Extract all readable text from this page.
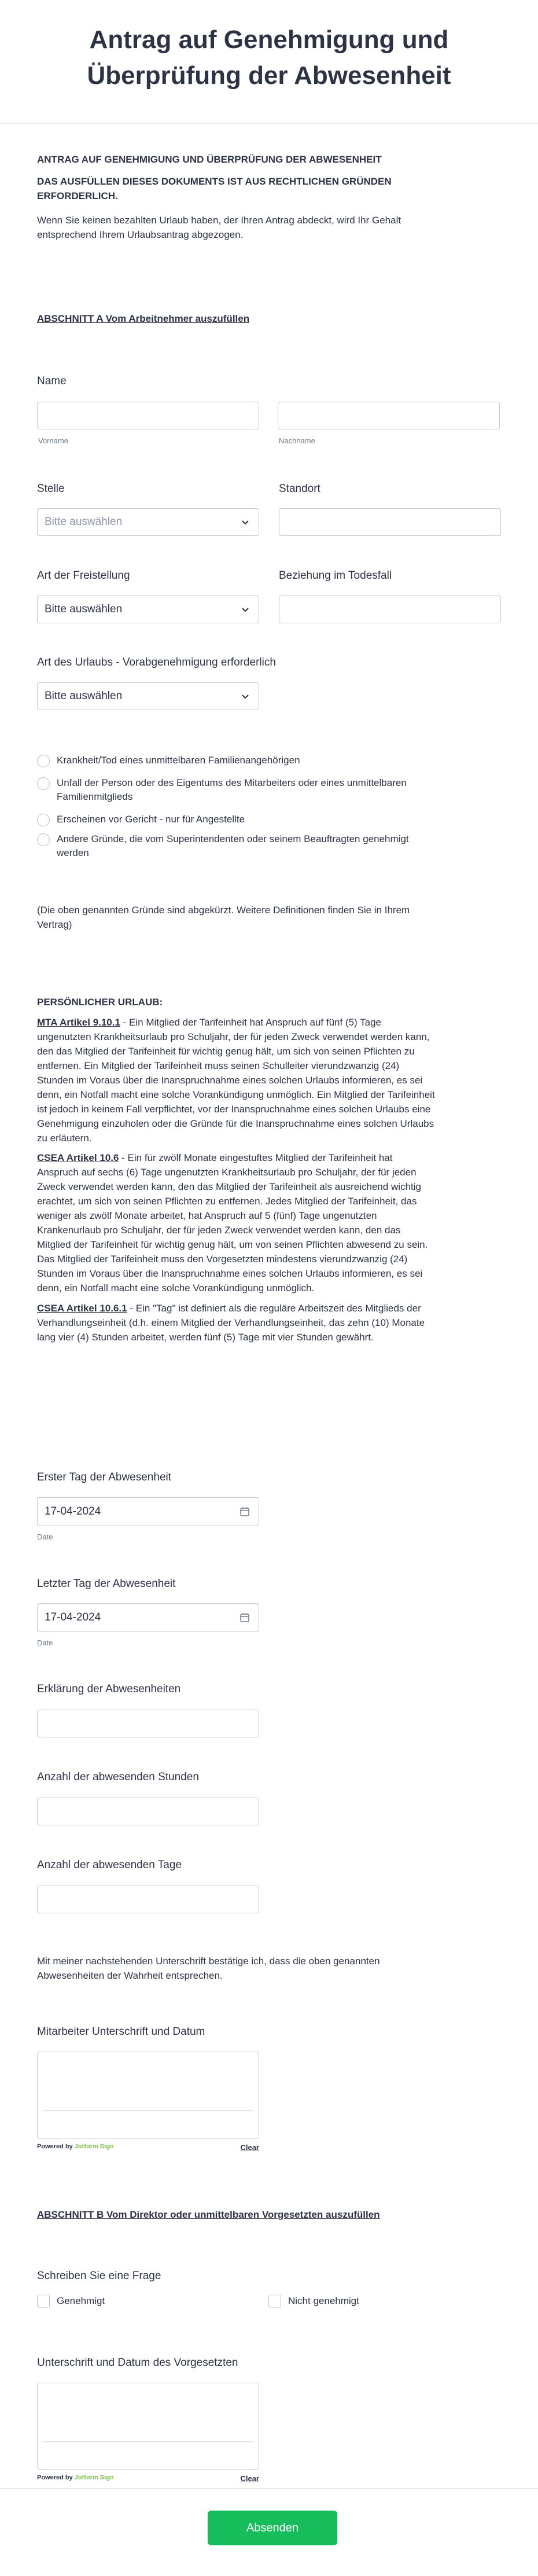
Antrag auf Genehmigung und
Überprüfung der Abwesenheit
ANTRAG AUF GENEHMIGUNG UND ÜBERPRÜFUNG DER ABWESENHEIT
DAS AUSFÜLLEN DIESES DOKUMENTS IST AUS RECHTLICHEN GRÜNDEN
ERFORDERLICH.
Wenn Sie keinen bezahlten Urlaub haben, der Ihren Antrag abdeckt, wird Ihr Gehalt
entsprechend Ihrem Urlaubsantrag abgezogen.
ABSCHNITT A Vom Arbeitnehmer auszufüllen
Name
Vorname	Nachname
Stelle	Standort
Bitte auswählen
Art der Freistellung	Beziehung im Todesfall
Bitte auswählen
Art des Urlaubs - Vorabgenehmigung erforderlich
Bitte auswählen
Krankheit/Tod eines unmittelbaren Familienangehörigen
Unfall der Person oder des Eigentums des Mitarbeiters oder eines unmittelbaren
Familienmitglieds
Erscheinen vor Gericht - nur für Angestellte
Andere Gründe, die vom Superintendenten oder seinem Beauftragten genehmigt
werden
(Die oben genannten Gründe sind abgekürzt. Weitere Definitionen finden Sie in Ihrem
Vertrag)
PERSÖNLICHER URLAUB:
MTA Artikel 9.10.1 - Ein Mitglied der Tarifeinheit hat Anspruch auf fünf (5) Tage
ungenutzten Krankheitsurlaub pro Schuljahr, der für jeden Zweck verwendet werden kann,
den das Mitglied der Tarifeinheit für wichtig genug hält, um sich von seinen Pflichten zu
entfernen. Ein Mitglied der Tarifeinheit muss seinen Schulleiter vierundzwanzig (24)
Stunden im Voraus über die Inanspruchnahme eines solchen Urlaubs informieren, es sei
denn, ein Notfall macht eine solche Vorankündigung unmöglich. Ein Mitglied der Tarifeinheit
ist jedoch in keinem Fall verpflichtet, vor der Inanspruchnahme eines solchen Urlaubs eine
Genehmigung einzuholen oder die Gründe für die Inanspruchnahme eines solchen Urlaubs
zu erläutern.
CSEA Artikel 10.6 - Ein für zwölf Monate eingestuftes Mitglied der Tarifeinheit hat
Anspruch auf sechs (6) Tage ungenutzten Krankheitsurlaub pro Schuljahr, der für jeden
Zweck verwendet werden kann, den das Mitglied der Tarifeinheit als ausreichend wichtig
erachtet, um sich von seinen Pflichten zu entfernen. Jedes Mitglied der Tarifeinheit, das
weniger als zwölf Monate arbeitet, hat Anspruch auf 5 (fünf) Tage ungenutzten
Krankenurlaub pro Schuljahr, der für jeden Zweck verwendet werden kann, den das
Mitglied der Tarifeinheit für wichtig genug hält, um von seinen Pflichten abwesend zu sein.
Das Mitglied der Tarifeinheit muss den Vorgesetzten mindestens vierundzwanzig (24)
Stunden im Voraus über die Inanspruchnahme eines solchen Urlaubs informieren, es sei
denn, ein Notfall macht eine solche Vorankündigung unmöglich.
CSEA Artikel 10.6.1 - Ein "Tag" ist definiert als die reguläre Arbeitszeit des Mitglieds der
Verhandlungseinheit (d.h. einem Mitglied der Verhandlungseinheit, das zehn (10) Monate
lang vier (4) Stunden arbeitet, werden fünf (5) Tage mit vier Stunden gewährt.
Erster Tag der Abwesenheit
17-04-2024
Date
Letzter Tag der Abwesenheit
17-04-2024
Date
Erklärung der Abwesenheiten
Anzahl der abwesenden Stunden
Anzahl der abwesenden Tage
Mit meiner nachstehenden Unterschrift bestätige ich, dass die oben genannten
Abwesenheiten der Wahrheit entsprechen.
Mitarbeiter Unterschrift und Datum
Powered by Jotform Sign	Clear
ABSCHNITT B Vom Direktor oder unmittelbaren Vorgesetzten auszufüllen
Schreiben Sie eine Frage
Genehmigt	Nicht genehmigt
Unterschrift und Datum des Vorgesetzten
Powered by Jotform Sign	Clear
Absenden
